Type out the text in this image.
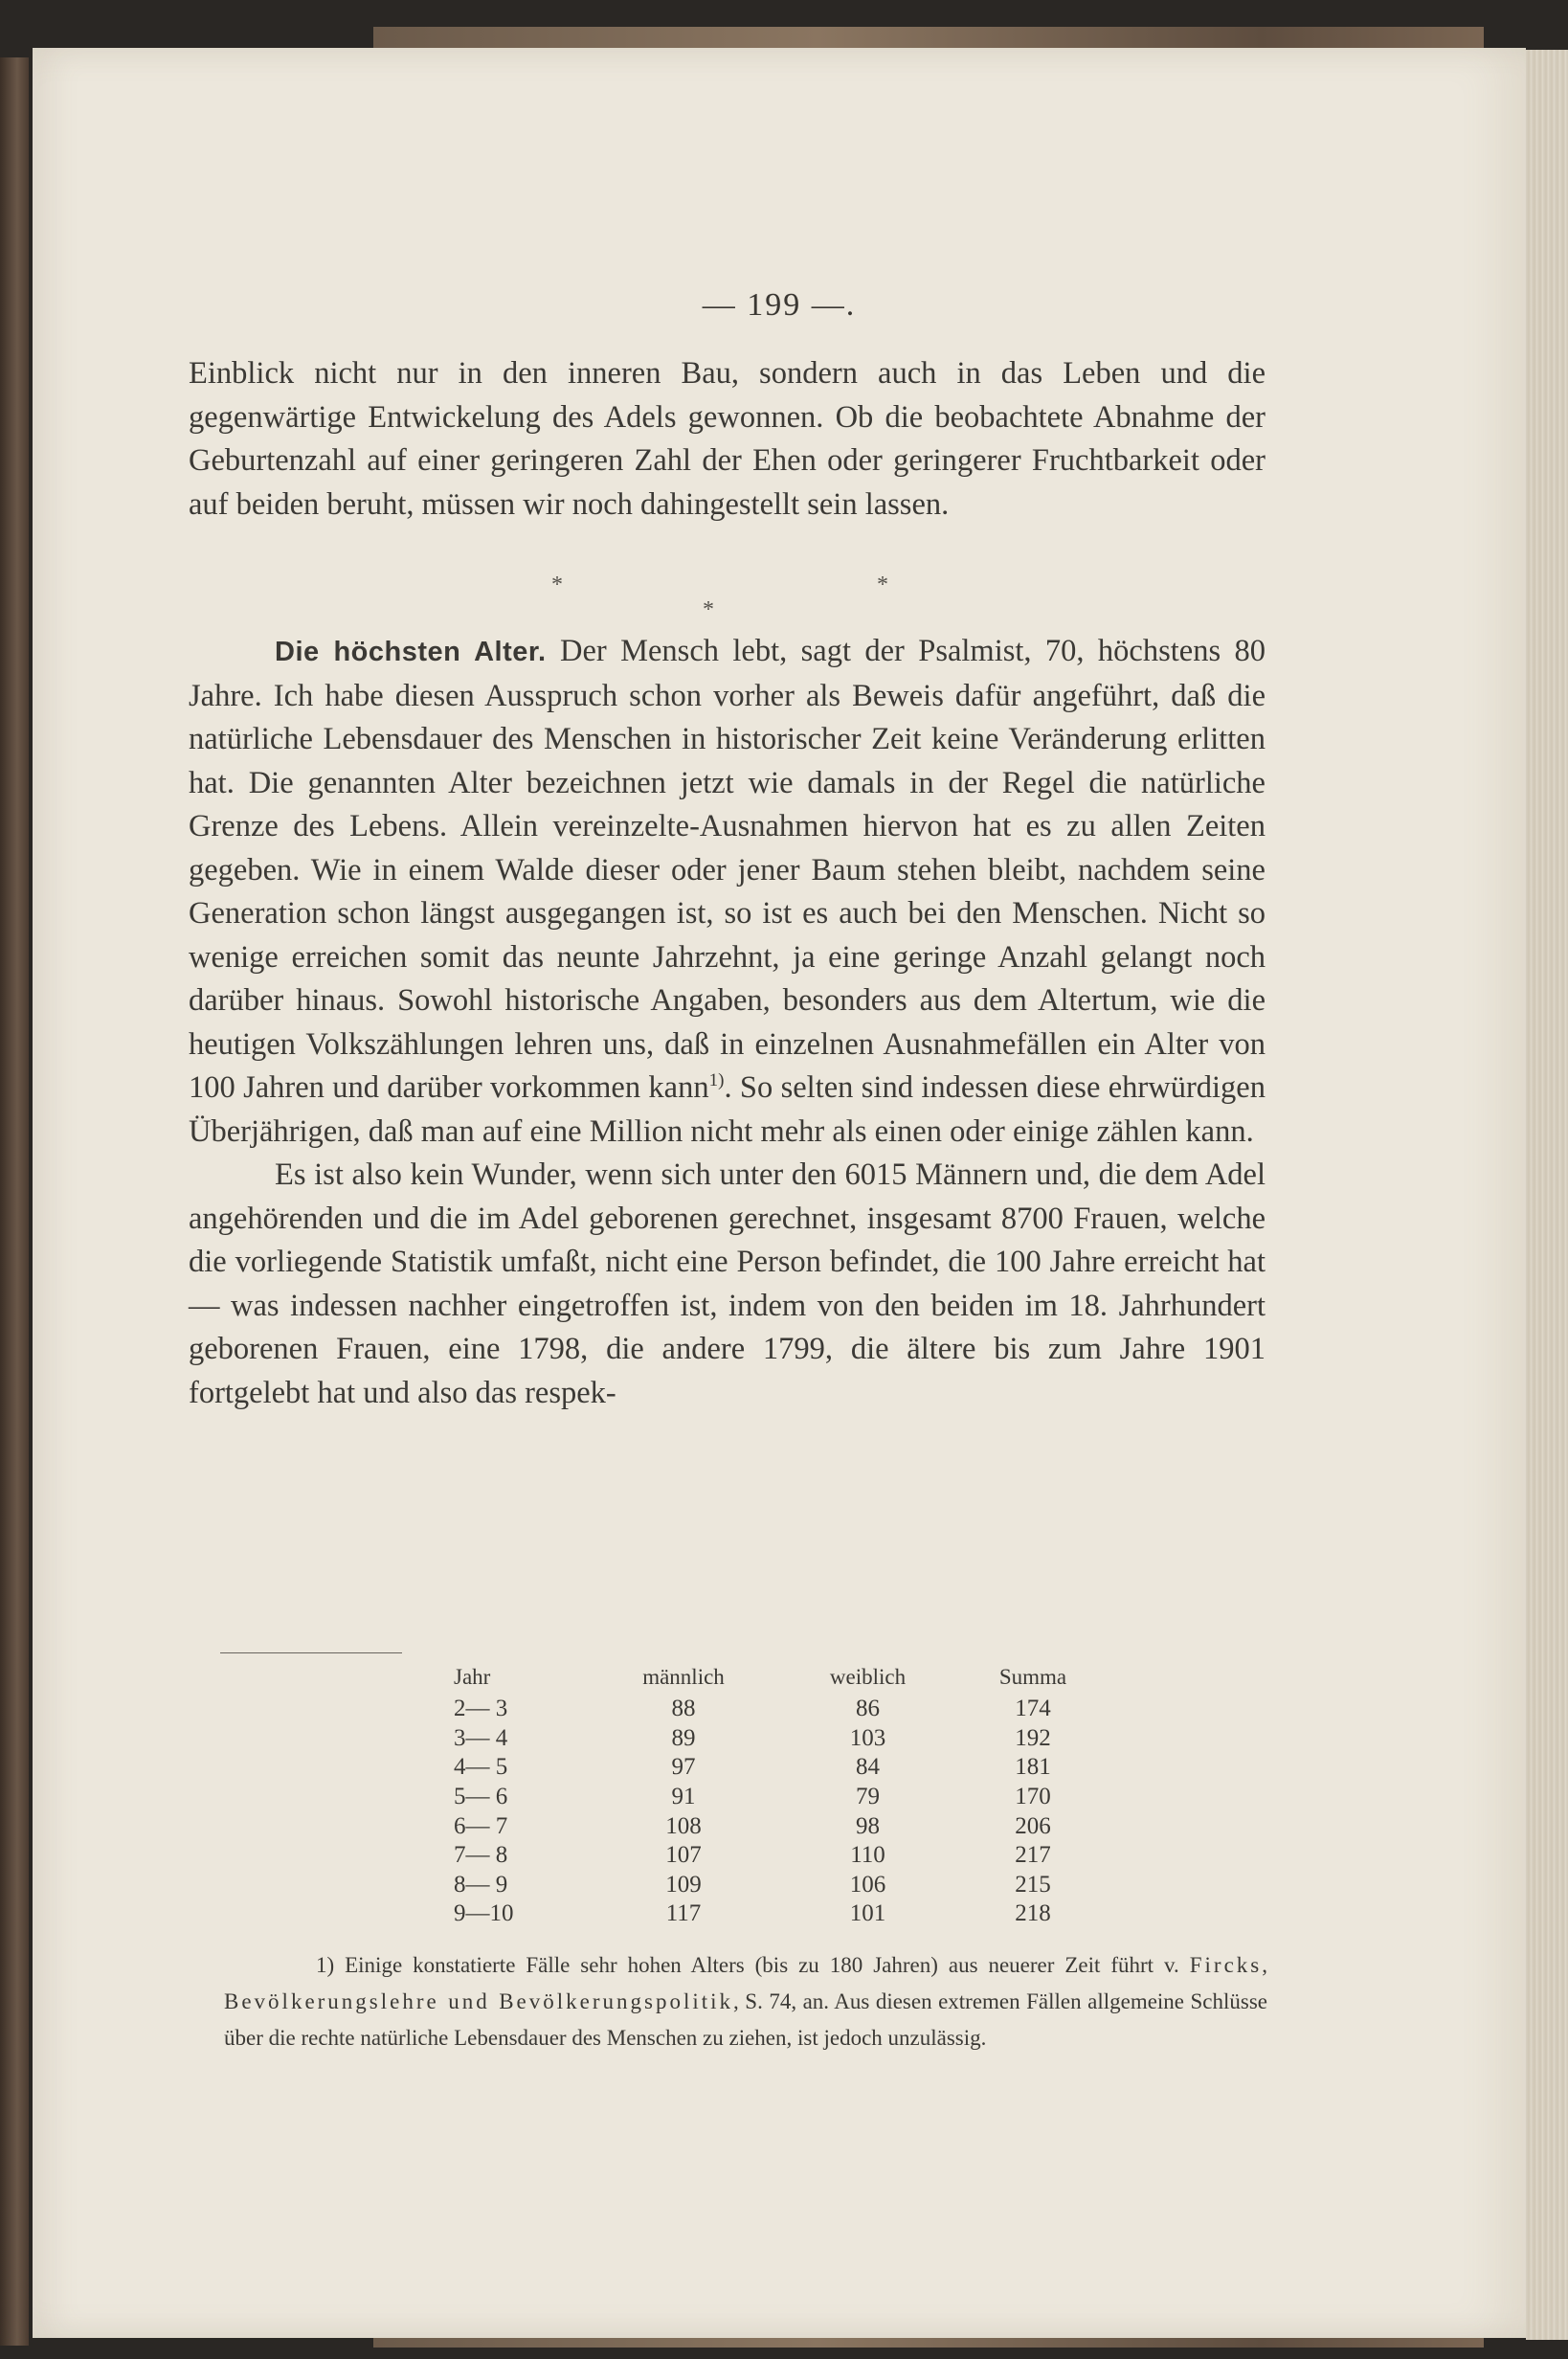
— 199 —.

Einblick nicht nur in den inneren Bau, sondern auch in das Leben und die gegenwärtige Entwickelung des Adels gewonnen. Ob die beobachtete Abnahme der Geburtenzahl auf einer geringeren Zahl der Ehen oder geringerer Fruchtbarkeit oder auf beiden beruht, müssen wir noch dahingestellt sein lassen.

*	*
*

Die höchsten Alter. Der Mensch lebt, sagt der Psalmist, 70, höchstens 80 Jahre. Ich habe diesen Ausspruch schon vorher als Beweis dafür angeführt, daß die natürliche Lebensdauer des Menschen in historischer Zeit keine Veränderung erlitten hat. Die genannten Alter bezeichnen jetzt wie damals in der Regel die natürliche Grenze des Lebens. Allein vereinzelte-Ausnahmen hiervon hat es zu allen Zeiten gegeben. Wie in einem Walde dieser oder jener Baum stehen bleibt, nachdem seine Generation schon längst ausgegangen ist, so ist es auch bei den Menschen. Nicht so wenige erreichen somit das neunte Jahrzehnt, ja eine geringe Anzahl gelangt noch darüber hinaus. Sowohl historische Angaben, besonders aus dem Altertum, wie die heutigen Volkszählungen lehren uns, daß in einzelnen Ausnahmefällen ein Alter von 100 Jahren und darüber vorkommen kann$^{1)}$. So selten sind indessen diese ehrwürdigen Überjährigen, daß man auf eine Million nicht mehr als einen oder einige zählen kann.

Es ist also kein Wunder, wenn sich unter den 6015 Männern und, die dem Adel angehörenden und die im Adel geborenen gerechnet, insgesamt 8700 Frauen, welche die vorliegende Statistik umfaßt, nicht eine Person befindet, die 100 Jahre erreicht hat — was indessen nachher eingetroffen ist, indem von den beiden im 18. Jahrhundert geborenen Frauen, eine 1798, die andere 1799, die ältere bis zum Jahre 1901 fortgelebt hat und also das respek-

Jahr	männlich	weiblich	Summa
2— 3	88	86	174
3— 4	89	103	192
4— 5	97	84	181
5— 6	91	79	170
6— 7	108	98	206
7— 8	107	110	217
8— 9	109	106	215
9—10	117	101	218

1) Einige konstatierte Fälle sehr hohen Alters (bis zu 180 Jahren) aus neuerer Zeit führt v. Fircks, Bevölkerungslehre und Bevölkerungspolitik, S. 74, an. Aus diesen extremen Fällen allgemeine Schlüsse über die rechte natürliche Lebensdauer des Menschen zu ziehen, ist jedoch unzulässig.
